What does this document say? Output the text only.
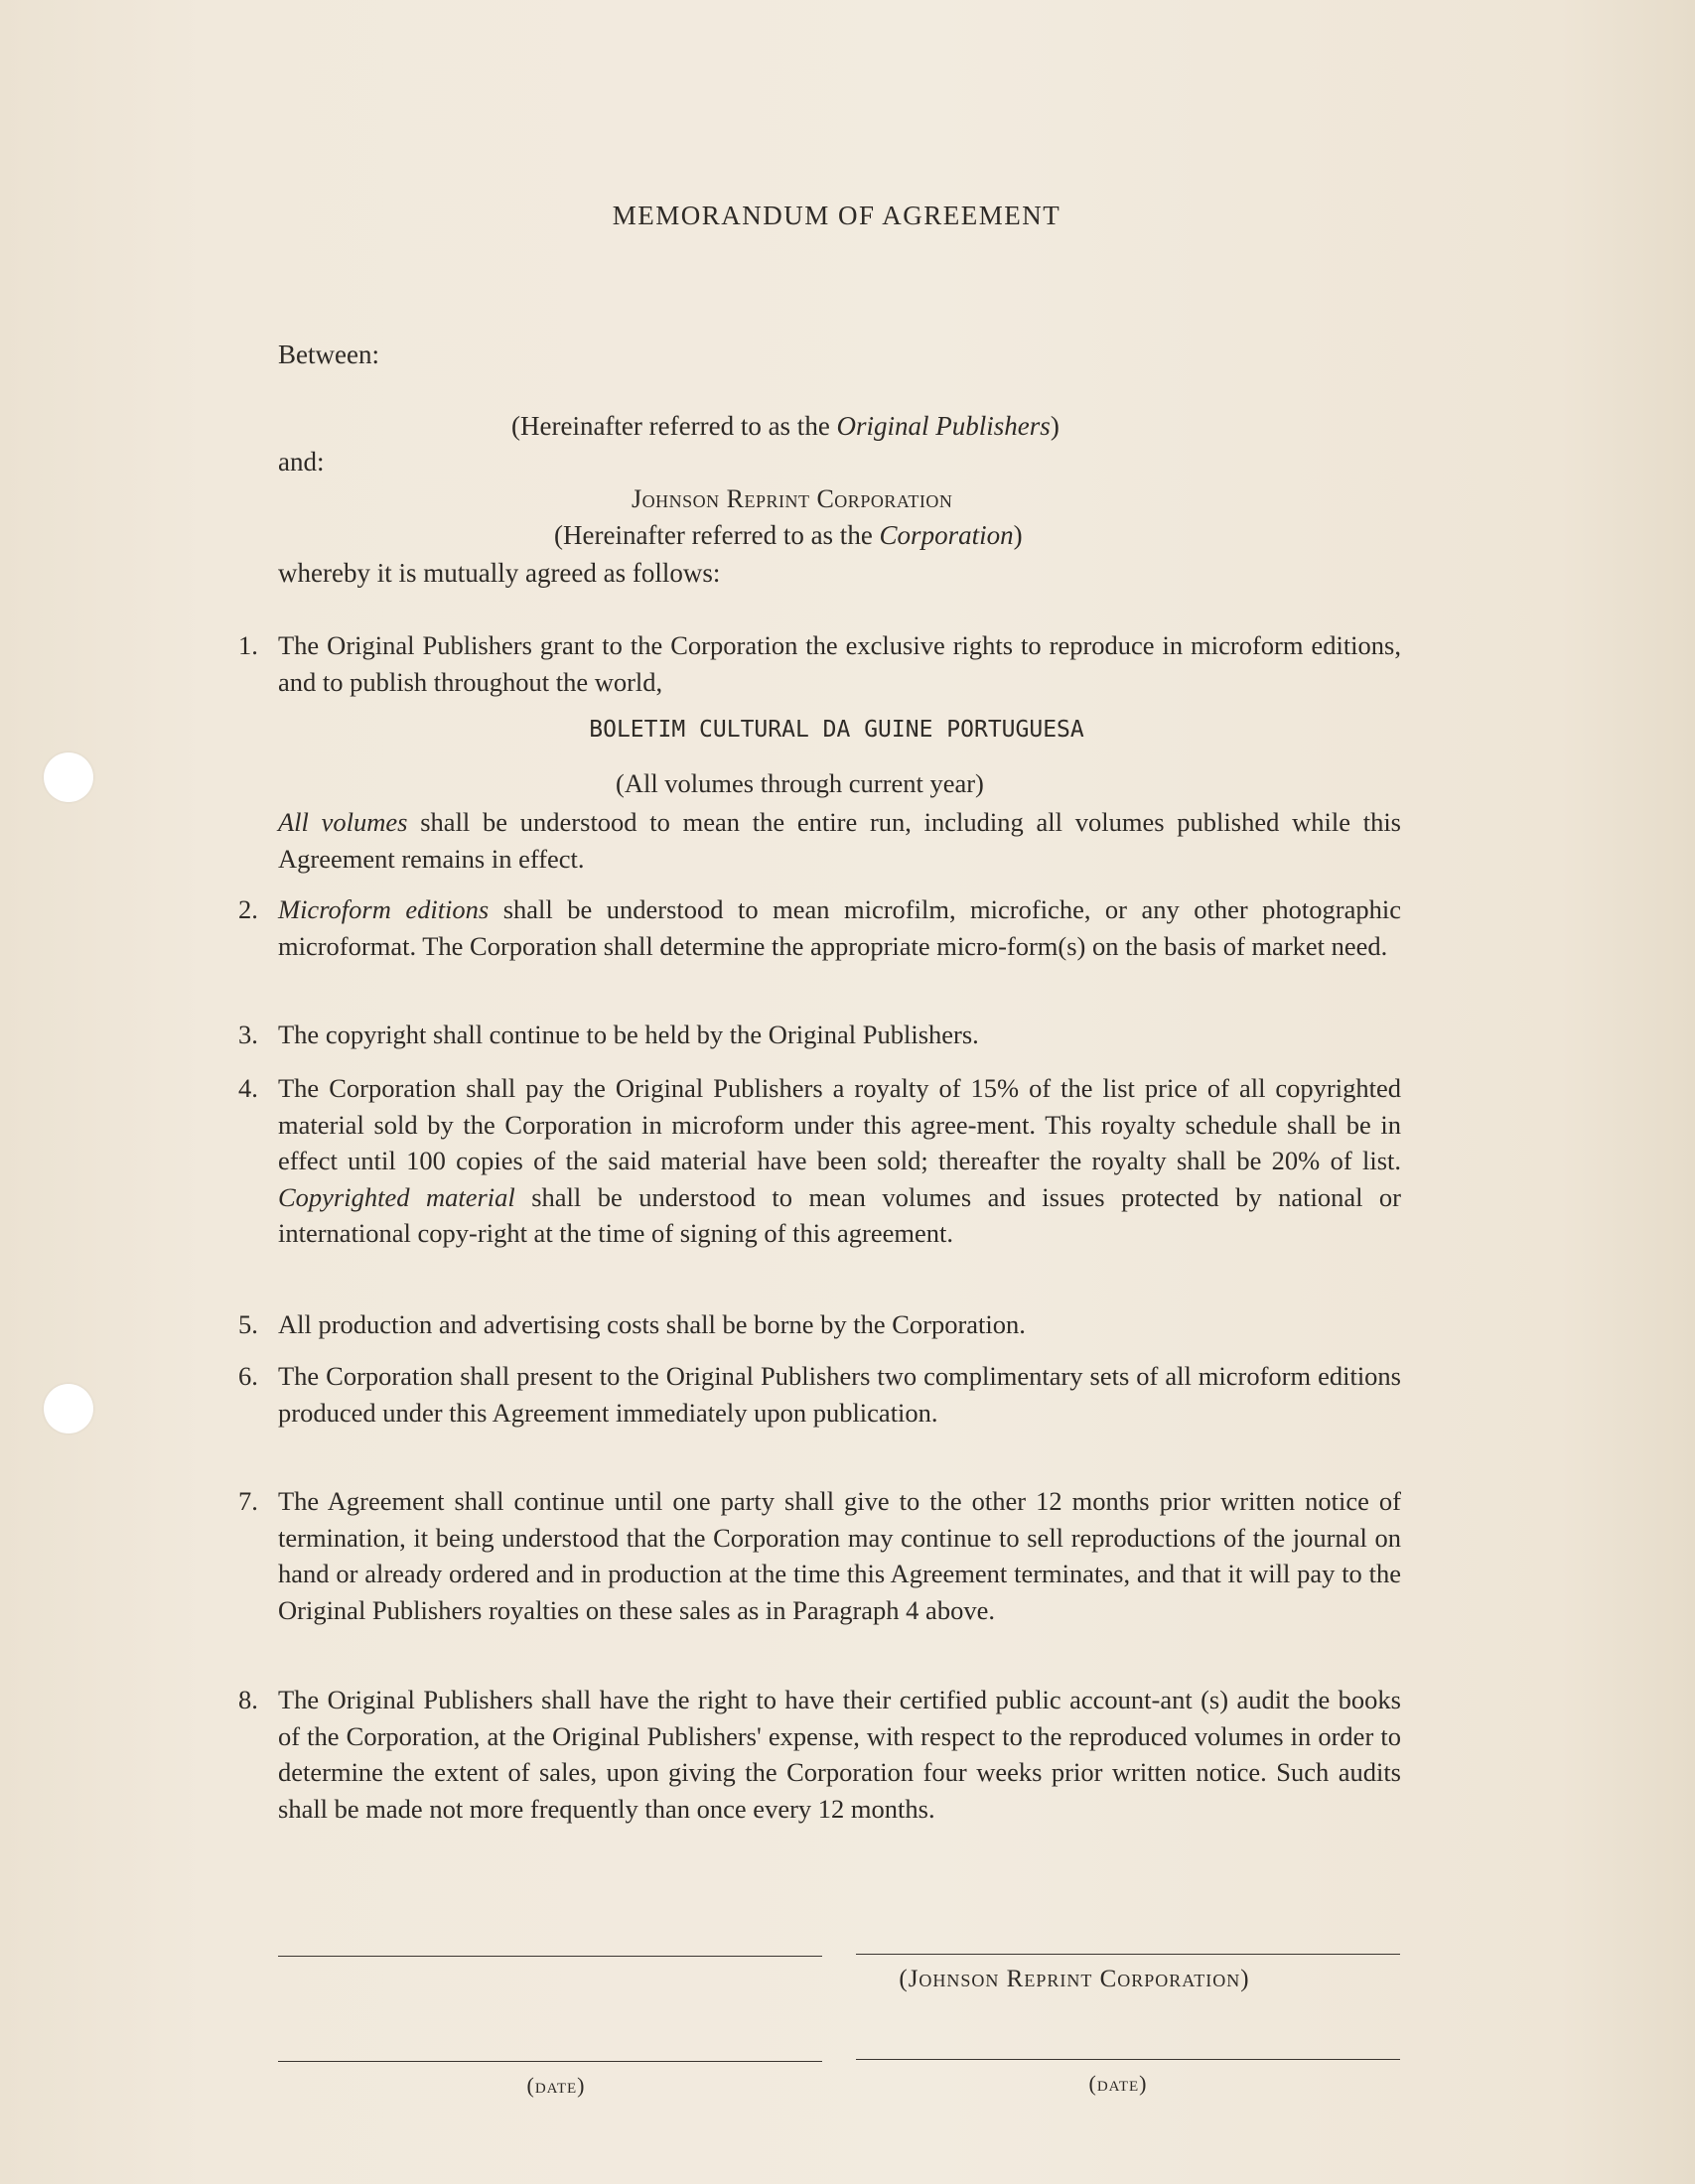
MEMORANDUM OF AGREEMENT
Between:
(Hereinafter referred to as the Original Publishers)
and:
Johnson Reprint Corporation
(Hereinafter referred to as the Corporation)
whereby it is mutually agreed as follows:
1. The Original Publishers grant to the Corporation the exclusive rights to reproduce in microform editions, and to publish throughout the world,
BOLETIM CULTURAL DA GUINE PORTUGUESA
(All volumes through current year)
All volumes shall be understood to mean the entire run, including all volumes published while this Agreement remains in effect.
2. Microform editions shall be understood to mean microfilm, microfiche, or any other photographic microformat. The Corporation shall determine the appropriate micro-form(s) on the basis of market need.
3. The copyright shall continue to be held by the Original Publishers.
4. The Corporation shall pay the Original Publishers a royalty of 15% of the list price of all copyrighted material sold by the Corporation in microform under this agree-ment. This royalty schedule shall be in effect until 100 copies of the said material have been sold; thereafter the royalty shall be 20% of list. Copyrighted material shall be understood to mean volumes and issues protected by national or international copy-right at the time of signing of this agreement.
5. All production and advertising costs shall be borne by the Corporation.
6. The Corporation shall present to the Original Publishers two complimentary sets of all microform editions produced under this Agreement immediately upon publication.
7. The Agreement shall continue until one party shall give to the other 12 months prior written notice of termination, it being understood that the Corporation may continue to sell reproductions of the journal on hand or already ordered and in production at the time this Agreement terminates, and that it will pay to the Original Publishers royalties on these sales as in Paragraph 4 above.
8. The Original Publishers shall have the right to have their certified public account-ant (s) audit the books of the Corporation, at the Original Publishers' expense, with respect to the reproduced volumes in order to determine the extent of sales, upon giving the Corporation four weeks prior written notice. Such audits shall be made not more frequently than once every 12 months.
(Johnson Reprint Corporation)
(date)	(date)
